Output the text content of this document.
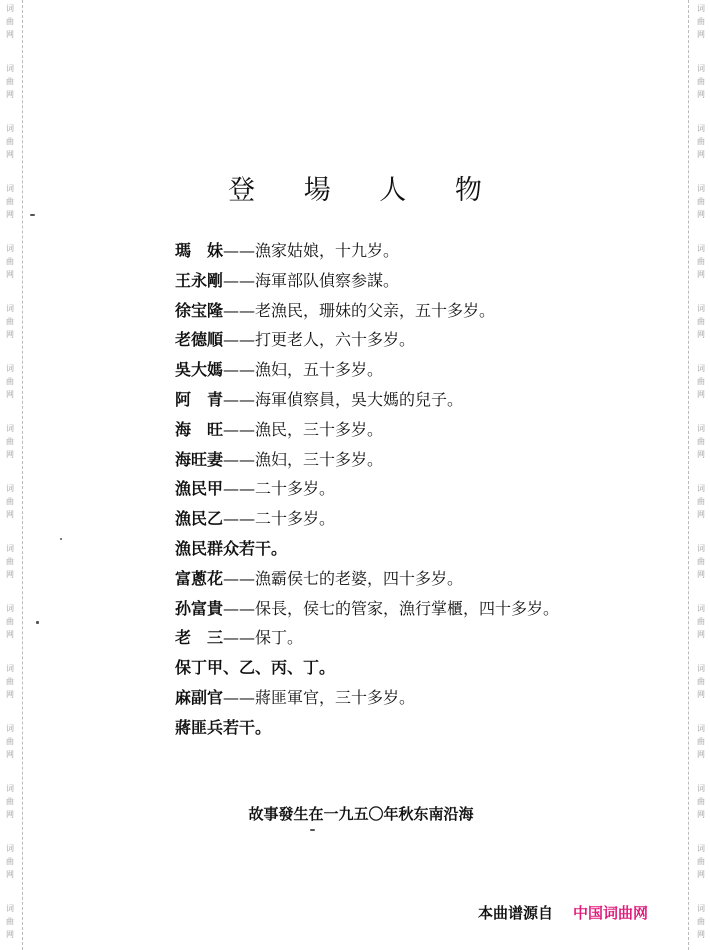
词
曲
网
词
曲
网
词
曲
网
词
曲
网
词
曲
网
词
曲
网
词
曲
网
词
曲
网
词
曲
网
词
曲
网
词
曲
网
词
曲
网
词
曲
网
词
曲
网
词
曲
网
词
曲
网
词
曲
网
词
曲
网
词
曲
网
词
曲
网
词
曲
网
词
曲
网
词
曲
网
词
曲
网
词
曲
网
词
曲
网
词
曲
网
词
曲
网
词
曲
网
词
曲
网
词
曲
网
词
曲
网
登 場 人 物
瑪　妹——漁家姑娘，十九岁。
王永剛——海軍部队偵察参謀。
徐宝隆——老漁民，珊妹的父亲，五十多岁。
老德順——打更老人，六十多岁。
吳大媽——漁妇，五十多岁。
阿　青——海軍偵察員，吳大媽的兒子。
海　旺——漁民，三十多岁。
海旺妻——漁妇，三十多岁。
漁民甲——二十多岁。
漁民乙——二十多岁。
漁民群众若干。
富蔥花——漁霸侯七的老婆，四十多岁。
孙富貴——保長，侯七的管家，漁行掌櫃，四十多岁。
老　三——保丁。
保丁甲、乙、丙、丁。
麻副官——蔣匪軍官，三十多岁。
蔣匪兵若干。
故事發生在一九五〇年秋东南沿海
本曲谱源自 中国词曲网
